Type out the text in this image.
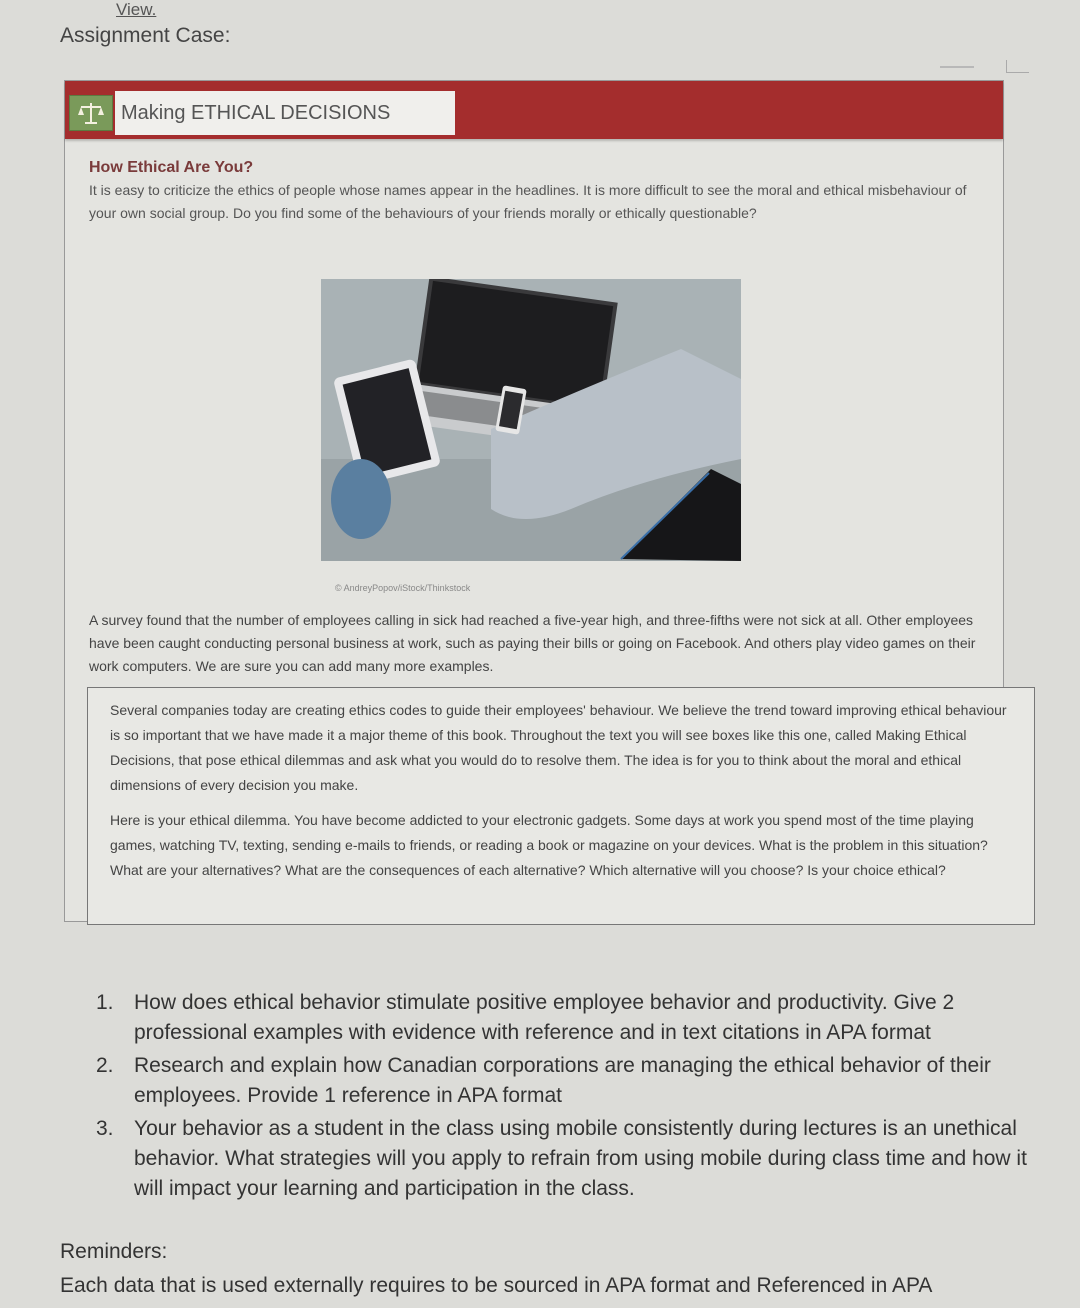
View.
Assignment Case:
Making ETHICAL DECISIONS
How Ethical Are You?
It is easy to criticize the ethics of people whose names appear in the headlines. It is more difficult to see the moral and ethical misbehaviour of your own social group. Do you find some of the behaviours of your friends morally or ethically questionable?
© AndreyPopov/iStock/Thinkstock
A survey found that the number of employees calling in sick had reached a five-year high, and three-fifths were not sick at all. Other employees have been caught conducting personal business at work, such as paying their bills or going on Facebook. And others play video games on their work computers. We are sure you can add many more examples.
Several companies today are creating ethics codes to guide their employees' behaviour. We believe the trend toward improving ethical behaviour is so important that we have made it a major theme of this book. Throughout the text you will see boxes like this one, called Making Ethical Decisions, that pose ethical dilemmas and ask what you would do to resolve them. The idea is for you to think about the moral and ethical dimensions of every decision you make.
Here is your ethical dilemma. You have become addicted to your electronic gadgets. Some days at work you spend most of the time playing games, watching TV, texting, sending e-mails to friends, or reading a book or magazine on your devices. What is the problem in this situation? What are your alternatives? What are the consequences of each alternative? Which alternative will you choose? Is your choice ethical?
1. How does ethical behavior stimulate positive employee behavior and productivity. Give 2 professional examples with evidence with reference and in text citations in APA format
2. Research and explain how Canadian corporations are managing the ethical behavior of their employees. Provide 1 reference in APA format
3. Your behavior as a student in the class using mobile consistently during lectures is an unethical behavior. What strategies will you apply to refrain from using mobile during class time and how it will impact your learning and participation in the class.
Reminders:
Each data that is used externally requires to be sourced in APA format and Referenced in APA
